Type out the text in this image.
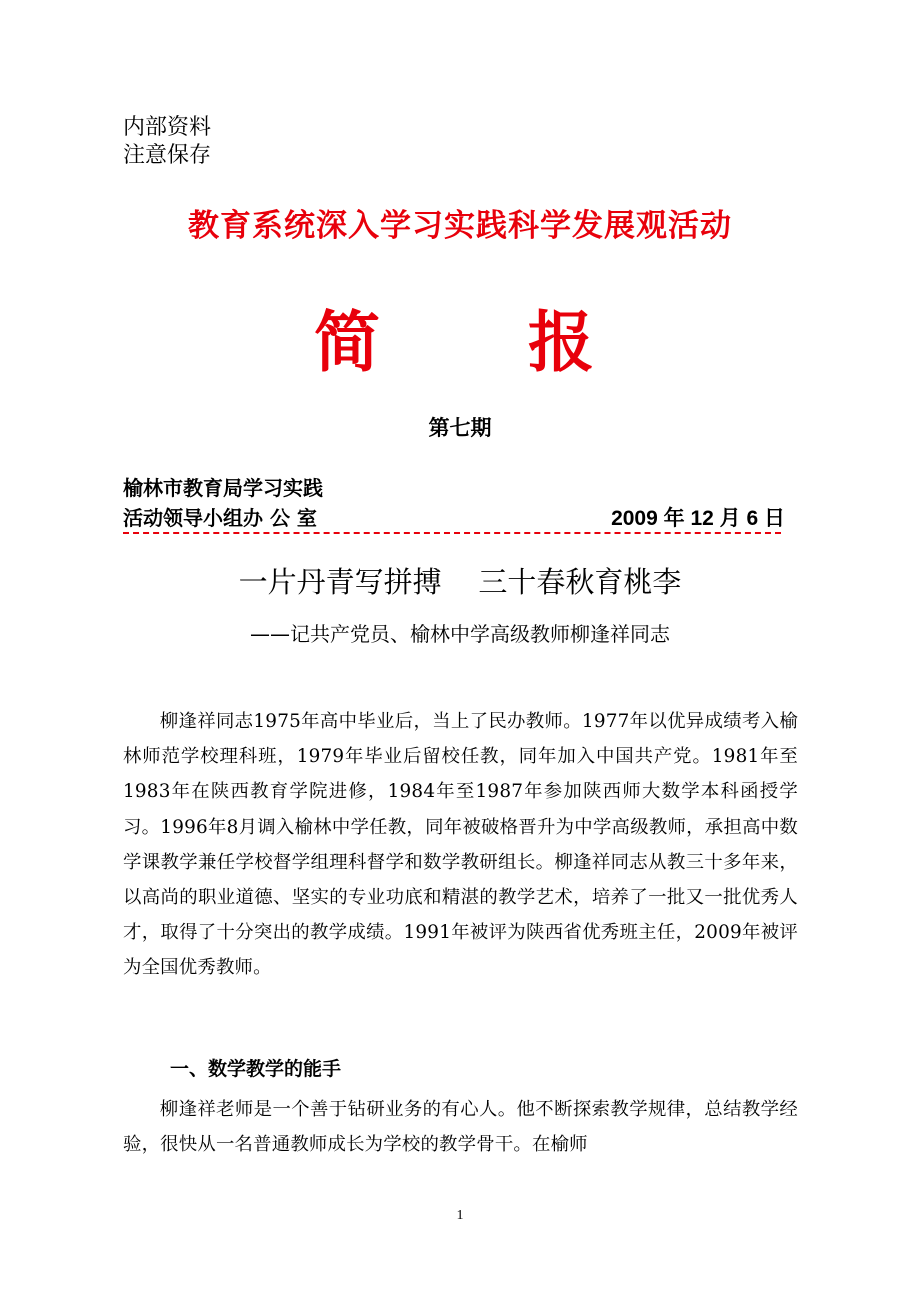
内部资料
注意保存
教育系统深入学习实践科学发展观活动
简 报
第七期
榆林市教育局学习实践
活动领导小组办 公 室	2009 年 12 月 6 日
一片丹青写拼搏    三十春秋育桃李
——记共产党员、榆林中学高级教师柳逢祥同志

柳逢祥同志1975年高中毕业后，当上了民办教师。1977年以优异成绩考入榆林师范学校理科班，1979年毕业后留校任教，同年加入中国共产党。1981年至1983年在陕西教育学院进修，1984年至1987年参加陕西师大数学本科函授学习。1996年8月调入榆林中学任教，同年被破格晋升为中学高级教师，承担高中数学课教学兼任学校督学组理科督学和数学教研组长。柳逢祥同志从教三十多年来，以高尚的职业道德、坚实的专业功底和精湛的教学艺术，培养了一批又一批优秀人才，取得了十分突出的教学成绩。1991年被评为陕西省优秀班主任，2009年被评为全国优秀教师。

一、数学教学的能手

柳逢祥老师是一个善于钻研业务的有心人。他不断探索教学规律，总结教学经验，很快从一名普通教师成长为学校的教学骨干。在榆师

1
